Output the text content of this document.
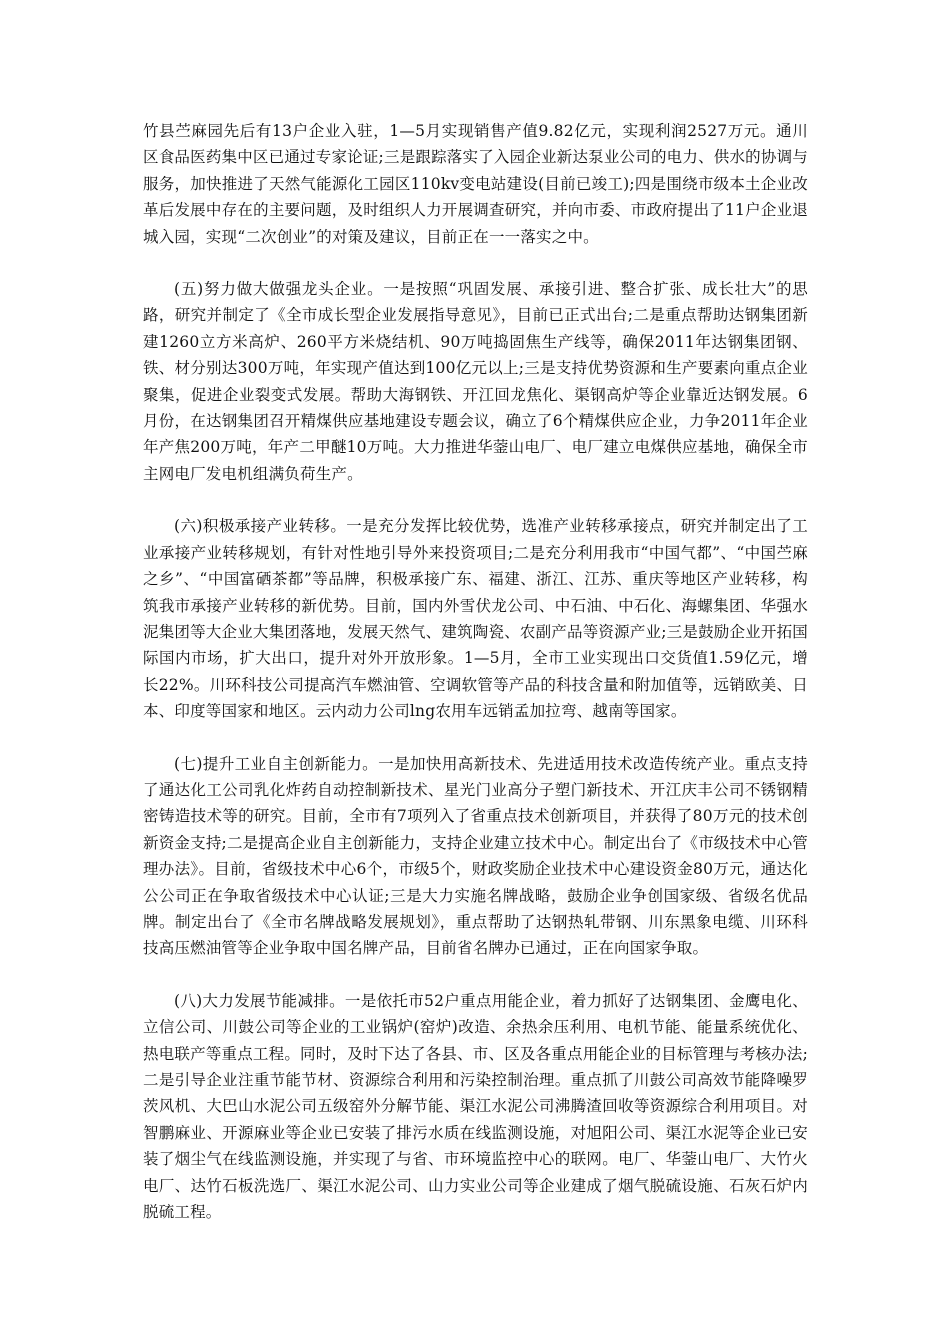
竹县苎麻园先后有13户企业入驻，1—5月实现销售产值9.82亿元，实现利润2527万元。通川区食品医药集中区已通过专家论证;三是跟踪落实了入园企业新达泵业公司的电力、供水的协调与服务，加快推进了天然气能源化工园区110kv变电站建设(目前已竣工);四是围绕市级本土企业改革后发展中存在的主要问题，及时组织人力开展调查研究，并向市委、市政府提出了11户企业退城入园，实现“二次创业”的对策及建议，目前正在一一落实之中。

(五)努力做大做强龙头企业。一是按照“巩固发展、承接引进、整合扩张、成长壮大”的思路，研究并制定了《全市成长型企业发展指导意见》，目前已正式出台;二是重点帮助达钢集团新建1260立方米高炉、260平方米烧结机、90万吨捣固焦生产线等，确保2011年达钢集团钢、铁、材分别达300万吨，年实现产值达到100亿元以上;三是支持优势资源和生产要素向重点企业聚集，促进企业裂变式发展。帮助大海钢铁、开江回龙焦化、渠钢高炉等企业靠近达钢发展。6月份，在达钢集团召开精煤供应基地建设专题会议，确立了6个精煤供应企业，力争2011年企业年产焦200万吨，年产二甲醚10万吨。大力推进华蓥山电厂、电厂建立电煤供应基地，确保全市主网电厂发电机组满负荷生产。

(六)积极承接产业转移。一是充分发挥比较优势，选准产业转移承接点，研究并制定出了工业承接产业转移规划，有针对性地引导外来投资项目;二是充分利用我市“中国气都”、“中国苎麻之乡”、“中国富硒茶都”等品牌，积极承接广东、福建、浙江、江苏、重庆等地区产业转移，构筑我市承接产业转移的新优势。目前，国内外雪伏龙公司、中石油、中石化、海螺集团、华强水泥集团等大企业大集团落地，发展天然气、建筑陶瓷、农副产品等资源产业;三是鼓励企业开拓国际国内市场，扩大出口，提升对外开放形象。1—5月，全市工业实现出口交货值1.59亿元，增长22%。川环科技公司提高汽车燃油管、空调软管等产品的科技含量和附加值等，远销欧美、日本、印度等国家和地区。云内动力公司lng农用车远销孟加拉弯、越南等国家。

(七)提升工业自主创新能力。一是加快用高新技术、先进适用技术改造传统产业。重点支持了通达化工公司乳化炸药自动控制新技术、星光门业高分子塑门新技术、开江庆丰公司不锈钢精密铸造技术等的研究。目前，全市有7项列入了省重点技术创新项目，并获得了80万元的技术创新资金支持;二是提高企业自主创新能力，支持企业建立技术中心。制定出台了《市级技术中心管理办法》。目前，省级技术中心6个，市级5个，财政奖励企业技术中心建设资金80万元，通达化公公司正在争取省级技术中心认证;三是大力实施名牌战略，鼓励企业争创国家级、省级名优品牌。制定出台了《全市名牌战略发展规划》，重点帮助了达钢热轧带钢、川东黑象电缆、川环科技高压燃油管等企业争取中国名牌产品，目前省名牌办已通过，正在向国家争取。

(八)大力发展节能减排。一是依托市52户重点用能企业，着力抓好了达钢集团、金鹰电化、立信公司、川鼓公司等企业的工业锅炉(窑炉)改造、余热余压利用、电机节能、能量系统优化、热电联产等重点工程。同时，及时下达了各县、市、区及各重点用能企业的目标管理与考核办法;二是引导企业注重节能节材、资源综合利用和污染控制治理。重点抓了川鼓公司高效节能降噪罗茨风机、大巴山水泥公司五级窑外分解节能、渠江水泥公司沸腾渣回收等资源综合利用项目。对智鹏麻业、开源麻业等企业已安装了排污水质在线监测设施，对旭阳公司、渠江水泥等企业已安装了烟尘气在线监测设施，并实现了与省、市环境监控中心的联网。电厂、华蓥山电厂、大竹火电厂、达竹石板洗选厂、渠江水泥公司、山力实业公司等企业建成了烟气脱硫设施、石灰石炉内脱硫工程。
